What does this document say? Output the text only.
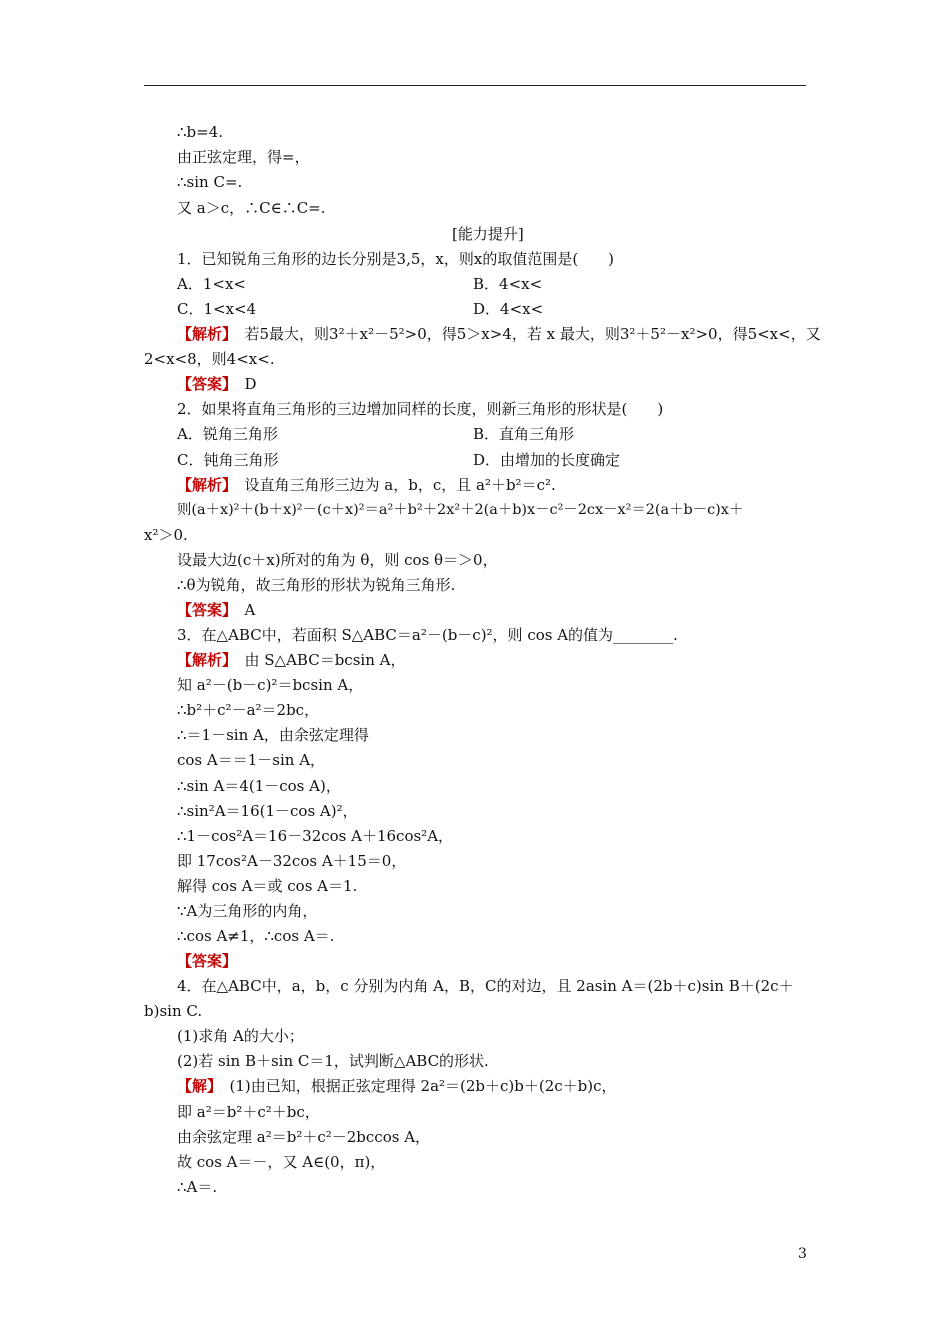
∴b=4.
由正弦定理，得=，
∴sin C=.
又 a＞c，∴C∈∴C=.
[能力提升]
1．已知锐角三角形的边长分别是3,5，x，则x的取值范围是(　　)
A．1<x<	B．4<x<
C．1<x<4	D．4<x<
【解析】　若5最大，则3²＋x²－5²>0，得5＞x>4，若 x 最大，则3²＋5²－x²>0，得5<x<，又
2<x<8，则4<x<.
【答案】　D
2．如果将直角三角形的三边增加同样的长度，则新三角形的形状是(　　)
A．锐角三角形	B．直角三角形
C．钝角三角形	D．由增加的长度确定
【解析】　设直角三角形三边为 a，b，c，且 a²＋b²＝c².
则(a＋x)²＋(b＋x)²－(c＋x)²＝a²＋b²＋2x²＋2(a＋b)x－c²－2cx－x²＝2(a＋b－c)x＋
x²＞0.
设最大边(c＋x)所对的角为 θ，则 cos θ＝＞0，
∴θ为锐角，故三角形的形状为锐角三角形.
【答案】　A
3．在△ABC中，若面积 S△ABC＝a²－(b－c)²，则 cos A的值为________.
【解析】　由 S△ABC＝bcsin A，
知 a²－(b－c)²＝bcsin A，
∴b²＋c²－a²＝2bc，
∴＝1－sin A，由余弦定理得
cos A＝＝1－sin A，
∴sin A＝4(1－cos A)，
∴sin²A＝16(1－cos A)²，
∴1－cos²A＝16－32cos A＋16cos²A，
即 17cos²A－32cos A＋15＝0，
解得 cos A＝或 cos A＝1.
∵A为三角形的内角，
∴cos A≠1，∴cos A＝.
【答案】
4．在△ABC中，a，b，c 分别为内角 A，B，C的对边，且 2asin A＝(2b＋c)sin B＋(2c＋
b)sin C.
(1)求角 A的大小；
(2)若 sin B＋sin C＝1，试判断△ABC的形状.
【解】　(1)由已知，根据正弦定理得 2a²＝(2b＋c)b＋(2c＋b)c，
即 a²＝b²＋c²＋bc，
由余弦定理 a²＝b²＋c²－2bccos A，
故 cos A＝－，又 A∈(0，π)，
∴A＝.
3
